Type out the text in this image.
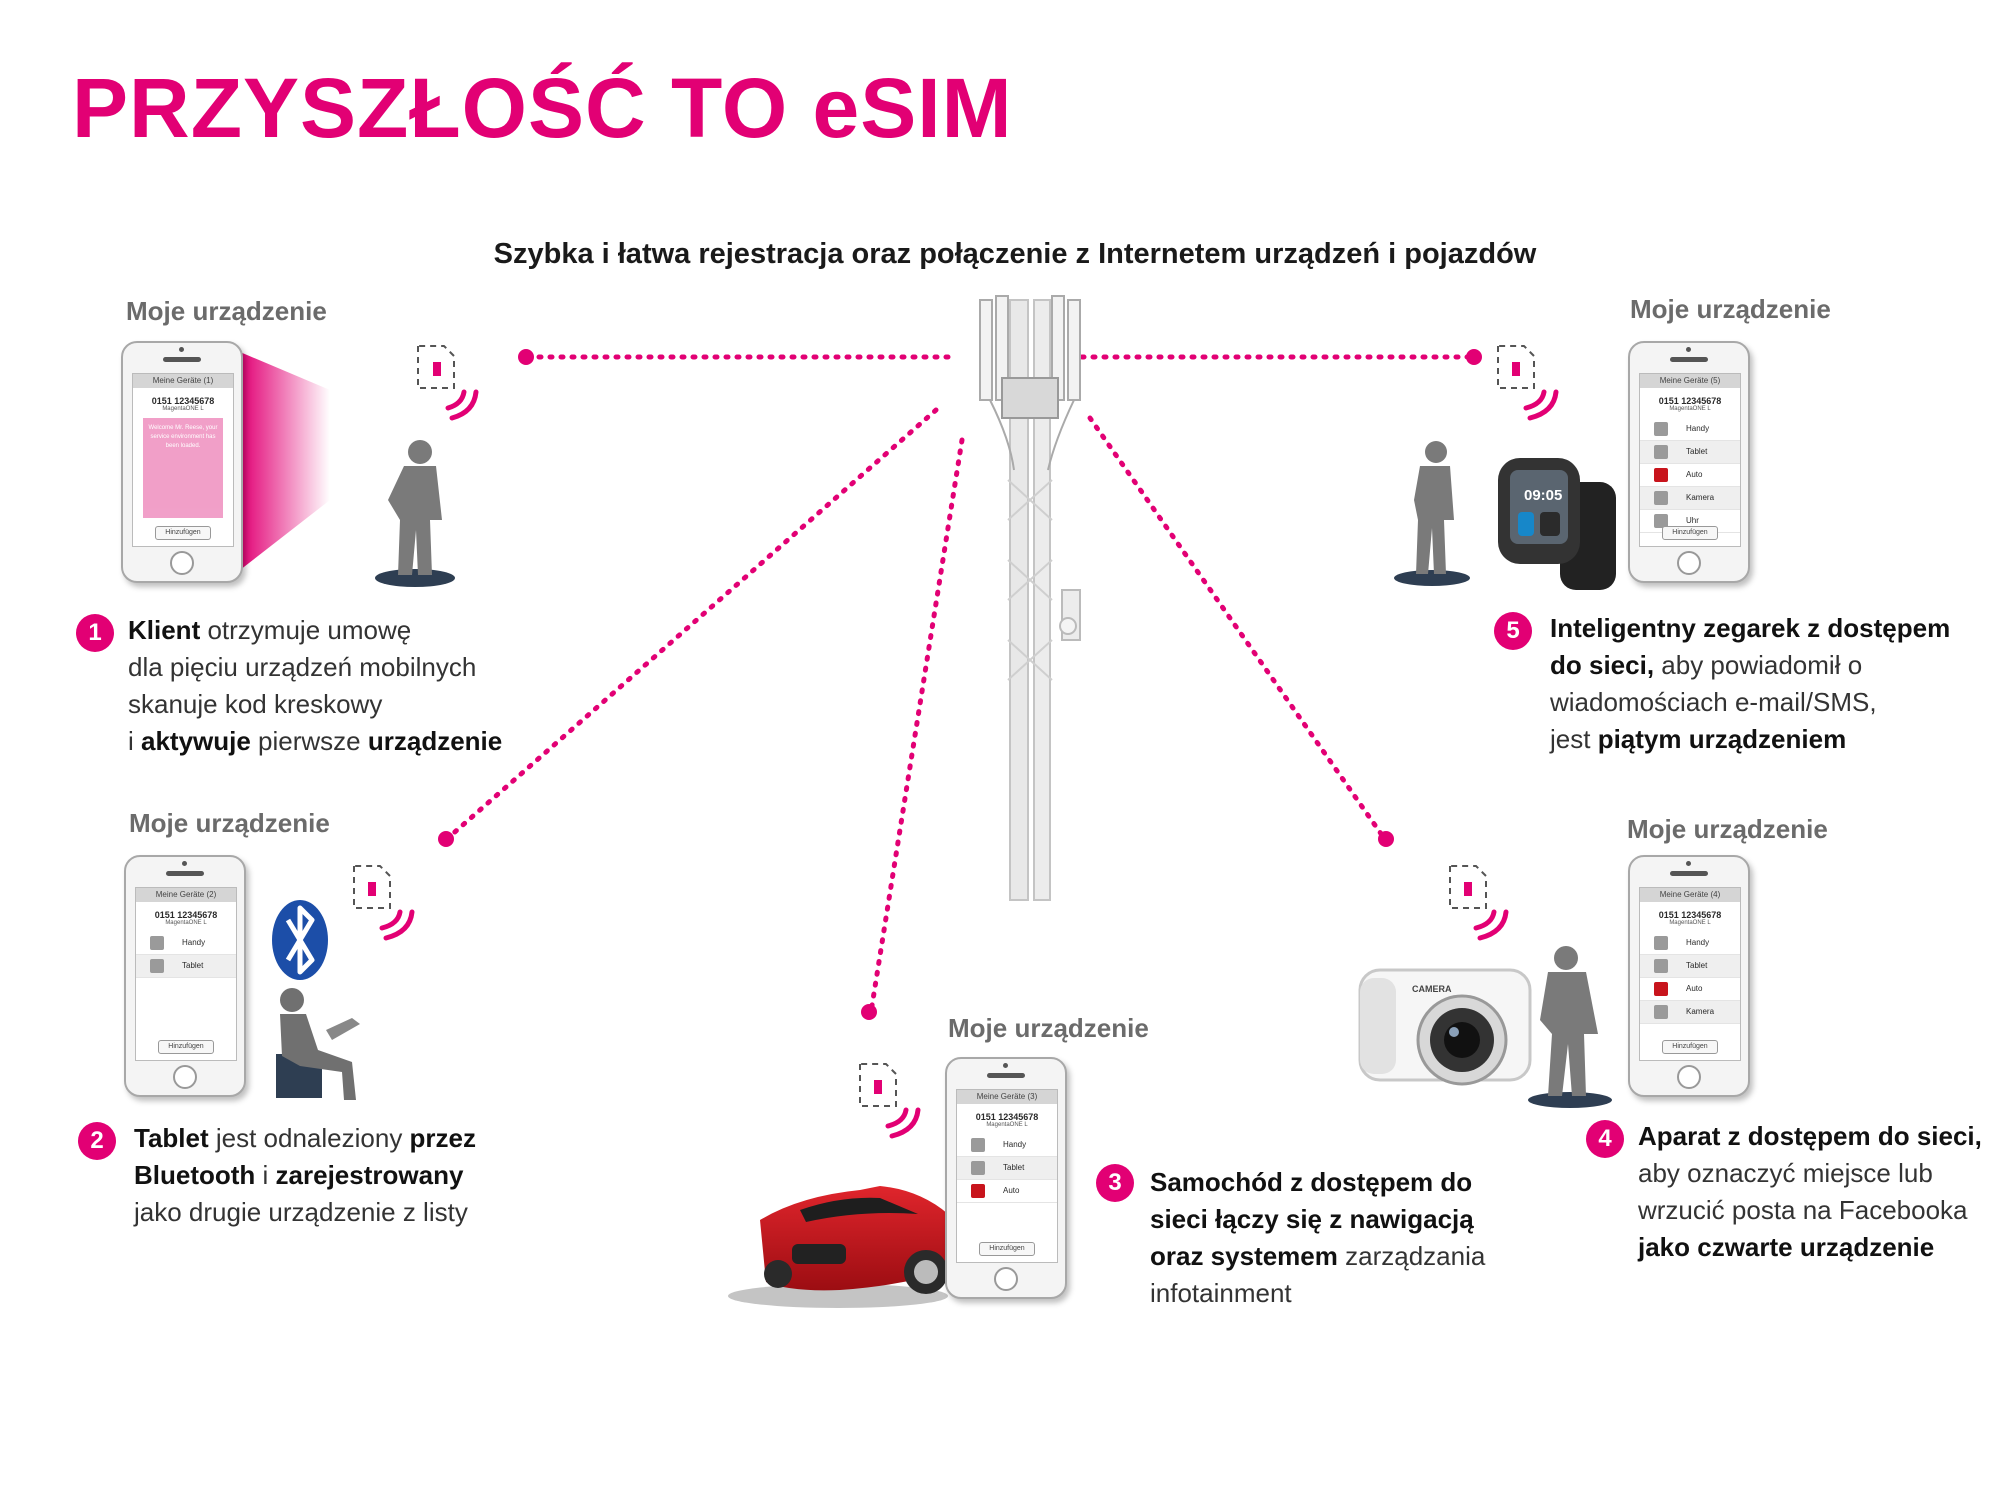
PRZYSZŁOŚĆ TO eSIM
Szybka i łatwa rejestracja oraz połączenie z Internetem urządzeń i pojazdów
09:05
CAMERA
Meine Geräte (1)
0151 12345678
MagentaONE L
Welcome Mr. Reese, your service environment has been loaded.
Hinzufügen
Meine Geräte (2)
0151 12345678
MagentaONE L
Handy
Tablet
Hinzufügen
Meine Geräte (3)
0151 12345678
MagentaONE L
Handy
Tablet
Auto
Hinzufügen
Meine Geräte (4)
0151 12345678
MagentaONE L
Handy
Tablet
Auto
Kamera
Hinzufügen
Meine Geräte (5)
0151 12345678
MagentaONE L
Handy
Tablet
Auto
Kamera
Uhr
Hinzufügen
Moje urządzenie
Moje urządzenie
Moje urządzenie
Moje urządzenie
Moje urządzenie
1	Klient otrzymuje umowę
dla pięciu urządzeń mobilnych
skanuje kod kreskowy
i aktywuje pierwsze urządzenie
2	Tablet jest odnaleziony przez
Bluetooth i zarejestrowany
jako drugie urządzenie z listy
3	Samochód z dostępem do
sieci łączy się z nawigacją
oraz systemem zarządzania
infotainment
4	Aparat z dostępem do sieci,
aby oznaczyć miejsce lub
wrzucić posta na Facebooka
jako czwarte urządzenie
5	Inteligentny zegarek z dostępem
do sieci, aby powiadomił o
wiadomościach e-mail/SMS,
jest piątym urządzeniem
